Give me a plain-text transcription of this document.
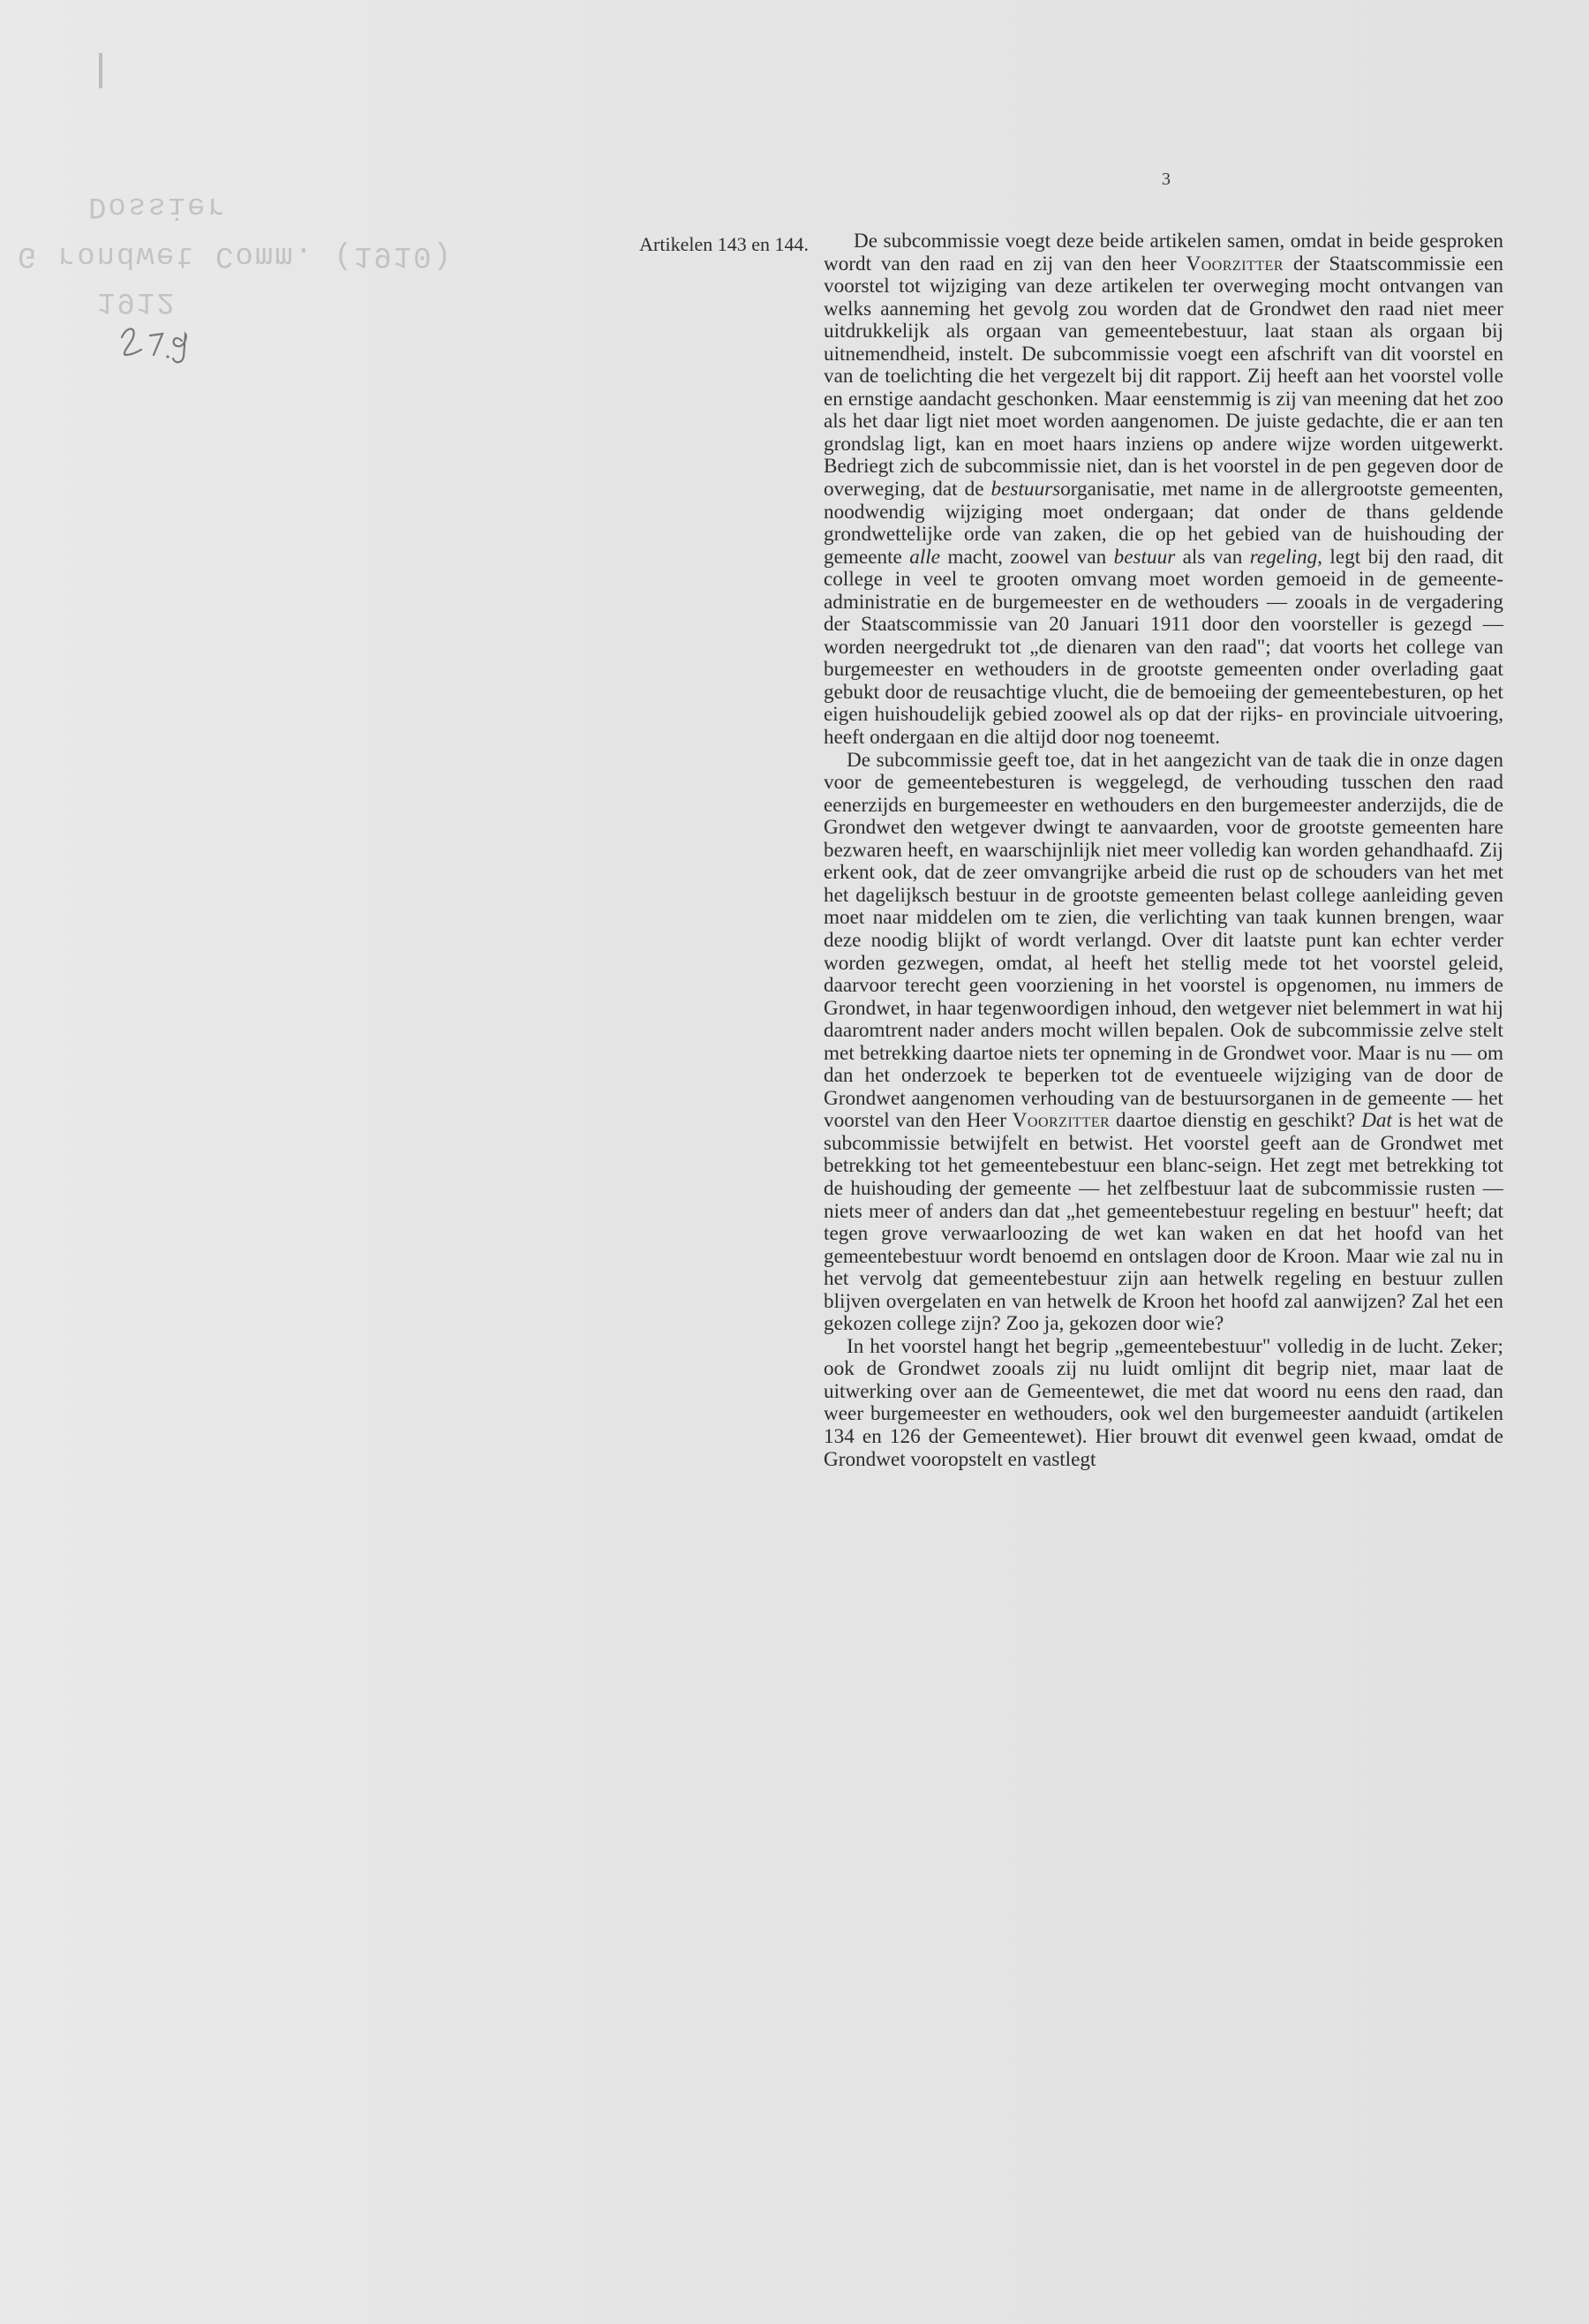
1912
G rondwet Comm. (1910)
Dossier
3
Artikelen 143 en 144.	De subcommissie voegt deze beide artikelen samen, omdat in beide gesproken wordt van den raad en zij van den heer Voorzitter der Staatscommissie een voorstel tot wijziging van deze artikelen ter overweging mocht ontvangen van welks aanneming het gevolg zou worden dat de Grondwet den raad niet meer uitdrukkelijk als orgaan van gemeentebestuur, laat staan als orgaan bij uitnemendheid, instelt. De subcommissie voegt een afschrift van dit voorstel en van de toelichting die het vergezelt bij dit rapport. Zij heeft aan het voorstel volle en ernstige aandacht geschonken. Maar eenstemmig is zij van meening dat het zoo als het daar ligt niet moet worden aangenomen. De juiste gedachte, die er aan ten grondslag ligt, kan en moet haars inziens op andere wijze worden uitgewerkt. Bedriegt zich de subcommissie niet, dan is het voorstel in de pen gegeven door de overweging, dat de bestuursorganisatie, met name in de allergrootste gemeenten, noodwendig wijziging moet ondergaan; dat onder de thans geldende grondwettelijke orde van zaken, die op het gebied van de huishouding der gemeente alle macht, zoowel van bestuur als van regeling, legt bij den raad, dit college in veel te grooten omvang moet worden gemoeid in de gemeente-administratie en de burgemeester en de wethouders — zooals in de vergadering der Staatscommissie van 20 Januari 1911 door den voorsteller is gezegd — worden neergedrukt tot „de dienaren van den raad"; dat voorts het college van burgemeester en wethouders in de grootste gemeenten onder overlading gaat gebukt door de reusachtige vlucht, die de bemoeiing der gemeentebesturen, op het eigen huishoudelijk gebied zoowel als op dat der rijks- en provinciale uitvoering, heeft ondergaan en die altijd door nog toeneemt.

De subcommissie geeft toe, dat in het aangezicht van de taak die in onze dagen voor de gemeentebesturen is weggelegd, de verhouding tusschen den raad eenerzijds en burgemeester en wethouders en den burgemeester anderzijds, die de Grondwet den wetgever dwingt te aanvaarden, voor de grootste gemeenten hare bezwaren heeft, en waarschijnlijk niet meer volledig kan worden gehandhaafd. Zij erkent ook, dat de zeer omvangrijke arbeid die rust op de schouders van het met het dagelijksch bestuur in de grootste gemeenten belast college aanleiding geven moet naar middelen om te zien, die verlichting van taak kunnen brengen, waar deze noodig blijkt of wordt verlangd. Over dit laatste punt kan echter verder worden gezwegen, omdat, al heeft het stellig mede tot het voorstel geleid, daarvoor terecht geen voorziening in het voorstel is opgenomen, nu immers de Grondwet, in haar tegenwoordigen inhoud, den wetgever niet belemmert in wat hij daaromtrent nader anders mocht willen bepalen. Ook de subcommissie zelve stelt met betrekking daartoe niets ter opneming in de Grondwet voor. Maar is nu — om dan het onderzoek te beperken tot de eventueele wijziging van de door de Grondwet aangenomen verhouding van de bestuursorganen in de gemeente — het voorstel van den Heer Voorzitter daartoe dienstig en geschikt? Dat is het wat de subcommissie betwijfelt en betwist. Het voorstel geeft aan de Grondwet met betrekking tot het gemeentebestuur een blanc-seign. Het zegt met betrekking tot de huishouding der gemeente — het zelfbestuur laat de subcommissie rusten — niets meer of anders dan dat „het gemeentebestuur regeling en bestuur" heeft; dat tegen grove verwaarloozing de wet kan waken en dat het hoofd van het gemeentebestuur wordt benoemd en ontslagen door de Kroon. Maar wie zal nu in het vervolg dat gemeentebestuur zijn aan hetwelk regeling en bestuur zullen blijven overgelaten en van hetwelk de Kroon het hoofd zal aanwijzen? Zal het een gekozen college zijn? Zoo ja, gekozen door wie?

In het voorstel hangt het begrip „gemeentebestuur" volledig in de lucht. Zeker; ook de Grondwet zooals zij nu luidt omlijnt dit begrip niet, maar laat de uitwerking over aan de Gemeentewet, die met dat woord nu eens den raad, dan weer burgemeester en wethouders, ook wel den burgemeester aanduidt (artikelen 134 en 126 der Gemeentewet). Hier brouwt dit evenwel geen kwaad, omdat de Grondwet vooropstelt en vastlegt
